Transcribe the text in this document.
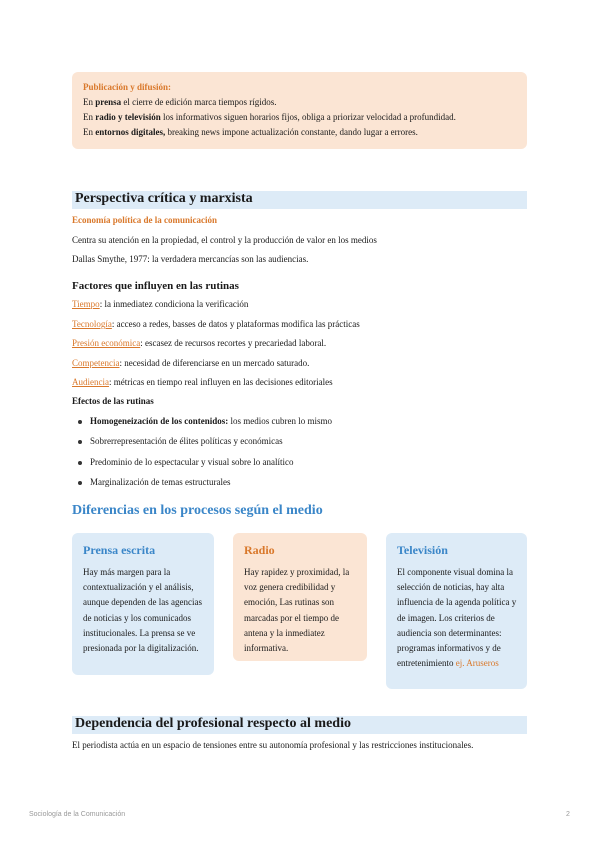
Publicación y difusión:
En prensa el cierre de edición marca tiempos rígidos.
En radio y televisión los informativos siguen horarios fijos, obliga a priorizar velocidad a profundidad.
En entornos digitales, breaking news impone actualización constante, dando lugar a errores.
Perspectiva crítica y marxista
Economía política de la comunicación
Centra su atención en la propiedad, el control y la producción de valor en los medios
Dallas Smythe, 1977: la verdadera mercancías son las audiencias.
Factores que influyen en las rutinas
Tiempo: la inmediatez condiciona la verificación
Tecnología: acceso a redes, basses de datos y plataformas modifica las prácticas
Presión económica: escasez de recursos recortes y precariedad laboral.
Competencia: necesidad de diferenciarse en un mercado saturado.
Audiencia: métricas en tiempo real influyen en las decisiones editoriales
Efectos de las rutinas
Homogeneización de los contenidos: los medios cubren lo mismo
Sobrerrepresentación de élites políticas y económicas
Predominio de lo espectacular y visual sobre lo analítico
Marginalización de temas estructurales
Diferencias en los procesos según el medio
Prensa escrita
Hay más margen para la contextualización y el análisis, aunque dependen de las agencias de noticias y los comunicados institucionales. La prensa se ve presionada por la digitalización.
Radio
Hay rapidez y proximidad, la voz genera credibilidad y emoción, Las rutinas son marcadas por el tiempo de antena y la inmediatez informativa.
Televisión
El componente visual domina la selección de noticias, hay alta influencia de la agenda política y de imagen. Los criterios de audiencia son determinantes: programas informativos y de entretenimiento ej. Aruseros
Dependencia del profesional respecto al medio
El periodista actúa en un espacio de tensiones entre su autonomía profesional y las restricciones institucionales.
Sociología de la Comunicación	2
